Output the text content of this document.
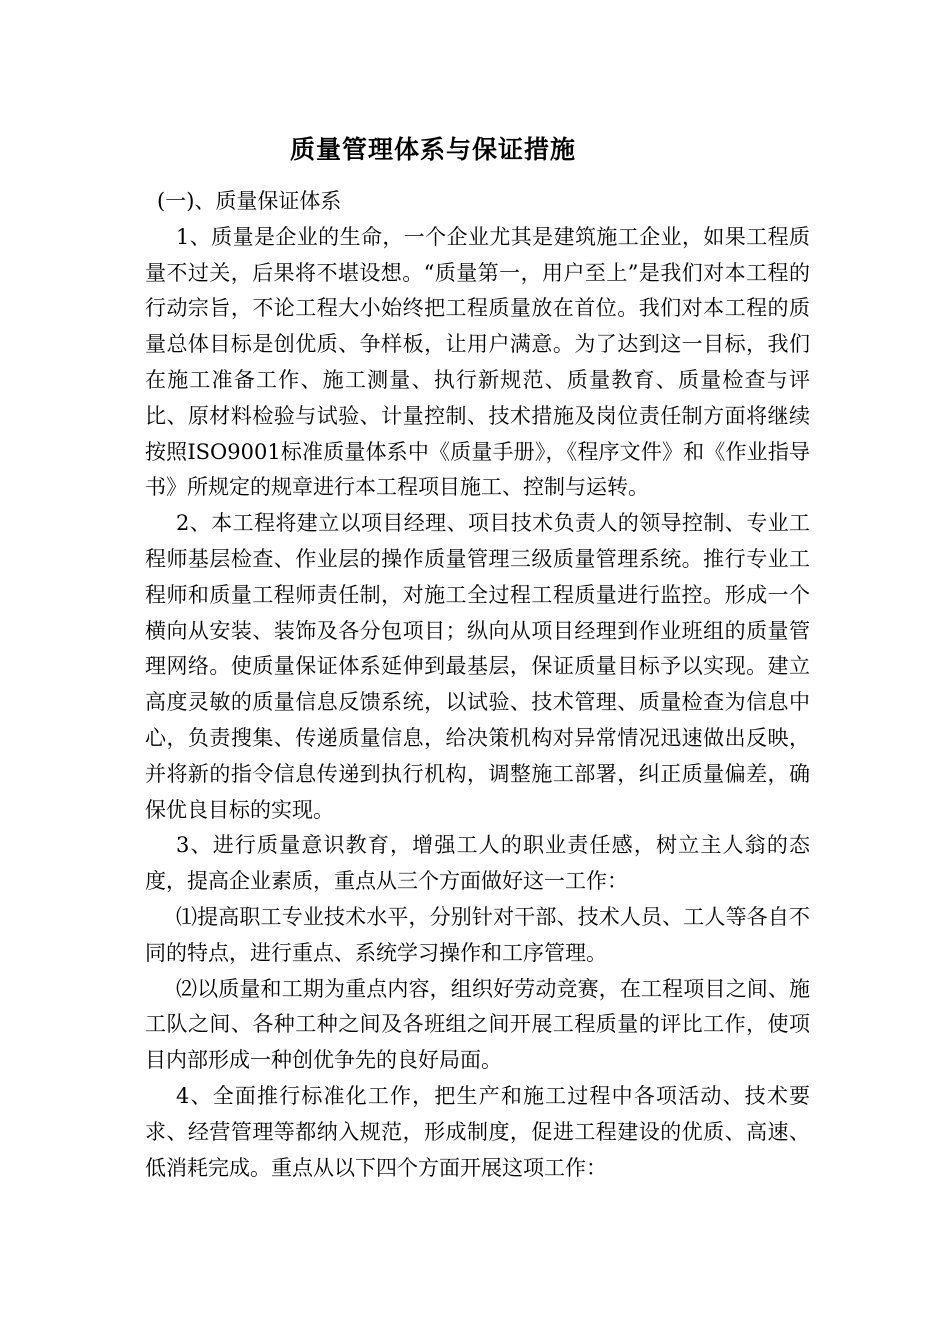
质量管理体系与保证措施

(一)、质量保证体系

1、质量是企业的生命，一个企业尤其是建筑施工企业，如果工程质量不过关，后果将不堪设想。“质量第一，用户至上”是我们对本工程的行动宗旨，不论工程大小始终把工程质量放在首位。我们对本工程的质量总体目标是创优质、争样板，让用户满意。为了达到这一目标，我们在施工准备工作、施工测量、执行新规范、质量教育、质量检查与评比、原材料检验与试验、计量控制、技术措施及岗位责任制方面将继续按照ISO9001标准质量体系中《质量手册》，《程序文件》和《作业指导书》所规定的规章进行本工程项目施工、控制与运转。

2、本工程将建立以项目经理、项目技术负责人的领导控制、专业工程师基层检查、作业层的操作质量管理三级质量管理系统。推行专业工程师和质量工程师责任制，对施工全过程工程质量进行监控。形成一个横向从安装、装饰及各分包项目；纵向从项目经理到作业班组的质量管理网络。使质量保证体系延伸到最基层，保证质量目标予以实现。建立高度灵敏的质量信息反馈系统，以试验、技术管理、质量检查为信息中心，负责搜集、传递质量信息，给决策机构对异常情况迅速做出反映，并将新的指令信息传递到执行机构，调整施工部署，纠正质量偏差，确保优良目标的实现。

3、进行质量意识教育，增强工人的职业责任感，树立主人翁的态度，提高企业素质，重点从三个方面做好这一工作：

⑴提高职工专业技术水平，分别针对干部、技术人员、工人等各自不同的特点，进行重点、系统学习操作和工序管理。

⑵以质量和工期为重点内容，组织好劳动竞赛，在工程项目之间、施工队之间、各种工种之间及各班组之间开展工程质量的评比工作，使项目内部形成一种创优争先的良好局面。

4、全面推行标准化工作，把生产和施工过程中各项活动、技术要求、经营管理等都纳入规范，形成制度，促进工程建设的优质、高速、低消耗完成。重点从以下四个方面开展这项工作：
